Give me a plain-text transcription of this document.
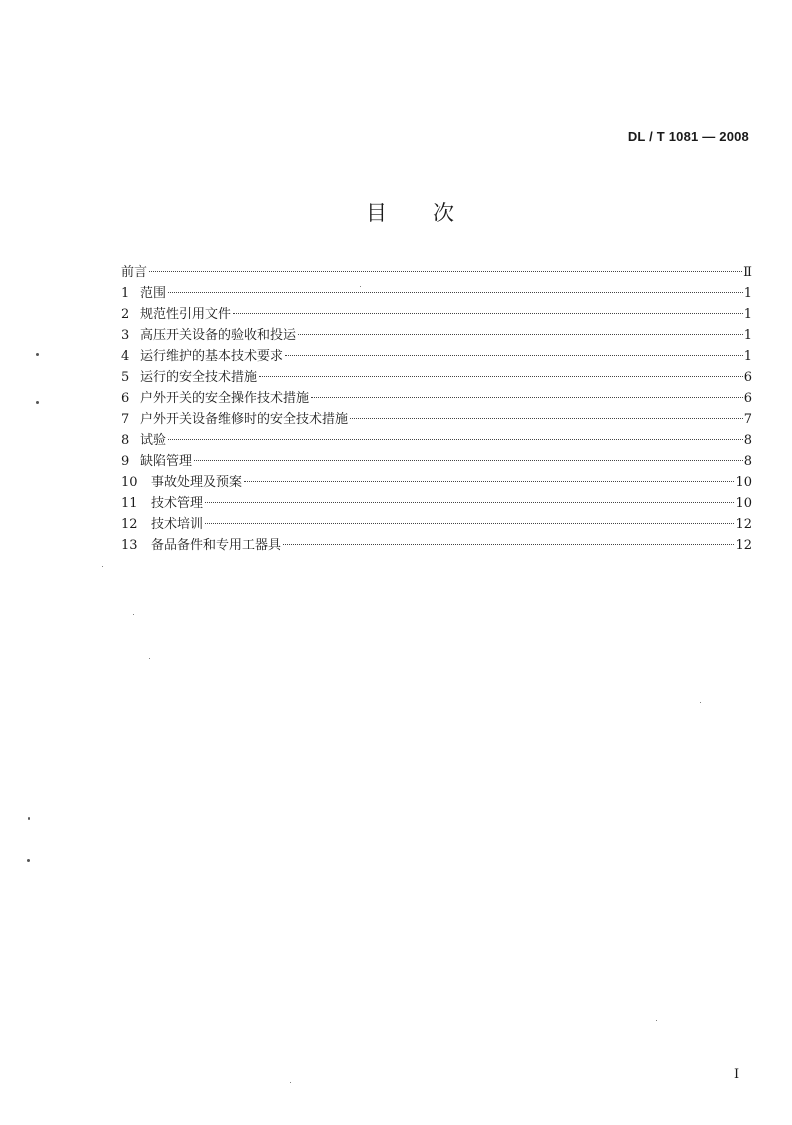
DL / T 1081 — 2008
目次
前言	Ⅱ
1 范围	1
2 规范性引用文件	1
3 高压开关设备的验收和投运	1
4 运行维护的基本技术要求	1
5 运行的安全技术措施	6
6 户外开关的安全操作技术措施	6
7 户外开关设备维修时的安全技术措施	7
8 试验	8
9 缺陷管理	8
10	事故处理及预案	10
11	技术管理	10
12	技术培训	12
13	备品备件和专用工器具	12
I
